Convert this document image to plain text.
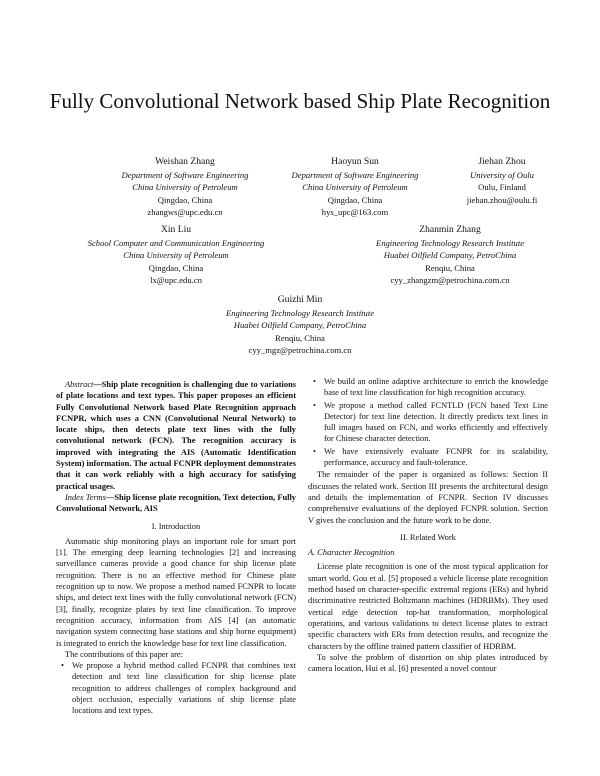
Fully Convolutional Network based Ship Plate Recognition
Weishan Zhang
Department of Software Engineering
China University of Petroleum
Qingdao, China
zhangws@upc.edu.cn
Haoyun Sun
Department of Software Engineering
China University of Petroleum
Qingdao, China
hys_upc@163.com
Jiehan Zhou
University of Oulu
Oulu, Finland
jiehan.zhou@oulu.fi
Xin Liu
School Computer and Communication Engineering
China University of Petroleum
Qingdao, China
lx@upc.edu.cn
Zhanmin Zhang
Engineering Technology Research Institute
Huabei Oilfield Company, PetroChina
Renqiu, China
cyy_zhangzm@petrochina.com.cn
Guizhi Min
Engineering Technology Research Institute
Huabei Oilfield Company, PetroChina
Renqiu, China
cyy_mgz@petrochina.com.cn

Abstract—Ship plate recognition is challenging due to variations of plate locations and text types. This paper proposes an efficient Fully Convolutional Network based Plate Recognition approach FCNPR, which uses a CNN (Convolutional Neural Network) to locate ships, then detects plate text lines with the fully convolutional network (FCN). The recognition accuracy is improved with integrating the AIS (Automatic Identification System) information. The actual FCNPR deployment demonstrates that it can work reliably with a high accuracy for satisfying practical usages.

Index Terms—Ship license plate recognition, Text detection, Fully Convolutional Network, AIS

I. Introduction

Automatic ship monitoring plays an important role for smart port [1]. The emerging deep learning technologies [2] and increasing surveillance cameras provide a good chance for ship license plate recognition. There is no an effective method for Chinese plate recognition up to now. We propose a method named FCNPR to locate ships, and detect text lines with the fully convolutional network (FCN) [3], finally, recognize plates by text line classification. To improve recognition accuracy, information from AIS [4] (an automatic navigation system connecting base stations and ship borne equipment) is integrated to enrich the knowledge base for text line classification.

The contributions of this paper are:

• We propose a hybrid method called FCNPR that combines text detection and text line classification for ship license plate recognition to address challenges of complex background and object occlusion, especially variations of ship license plate locations and text types.
• We build an online adaptive architecture to enrich the knowledge base of text line classification for high recognition accuracy.
• We propose a method called FCNTLD (FCN based Text Line Detector) for text line detection. It directly predicts text lines in full images based on FCN, and works efficiently and effectively for Chinese character detection.
• We have extensively evaluate FCNPR for its scalability, performance, accuracy and fault-tolerance.

The remainder of the paper is organized as follows: Section II discusses the related work. Section III presents the architectural design and details the implementation of FCNPR. Section IV discusses comprehensive evaluations of the deployed FCNPR solution. Section V gives the conclusion and the future work to be done.

II. Related Work

A. Character Recognition

License plate recognition is one of the most typical application for smart world. Gou et al. [5] proposed a vehicle license plate recognition method based on character-specific extremal regions (ERs) and hybrid discriminative restricted Boltzmann machines (HDRBMs). They used vertical edge detection top-hat transformation, morphological operations, and various validations to detect license plates to extract specific characters with ERs from detection results, and recognize the characters by the offline trained pattern classifier of HDRBM.

To solve the problem of distortion on ship plates introduced by camera location, Hui et al. [6] presented a novel contour
